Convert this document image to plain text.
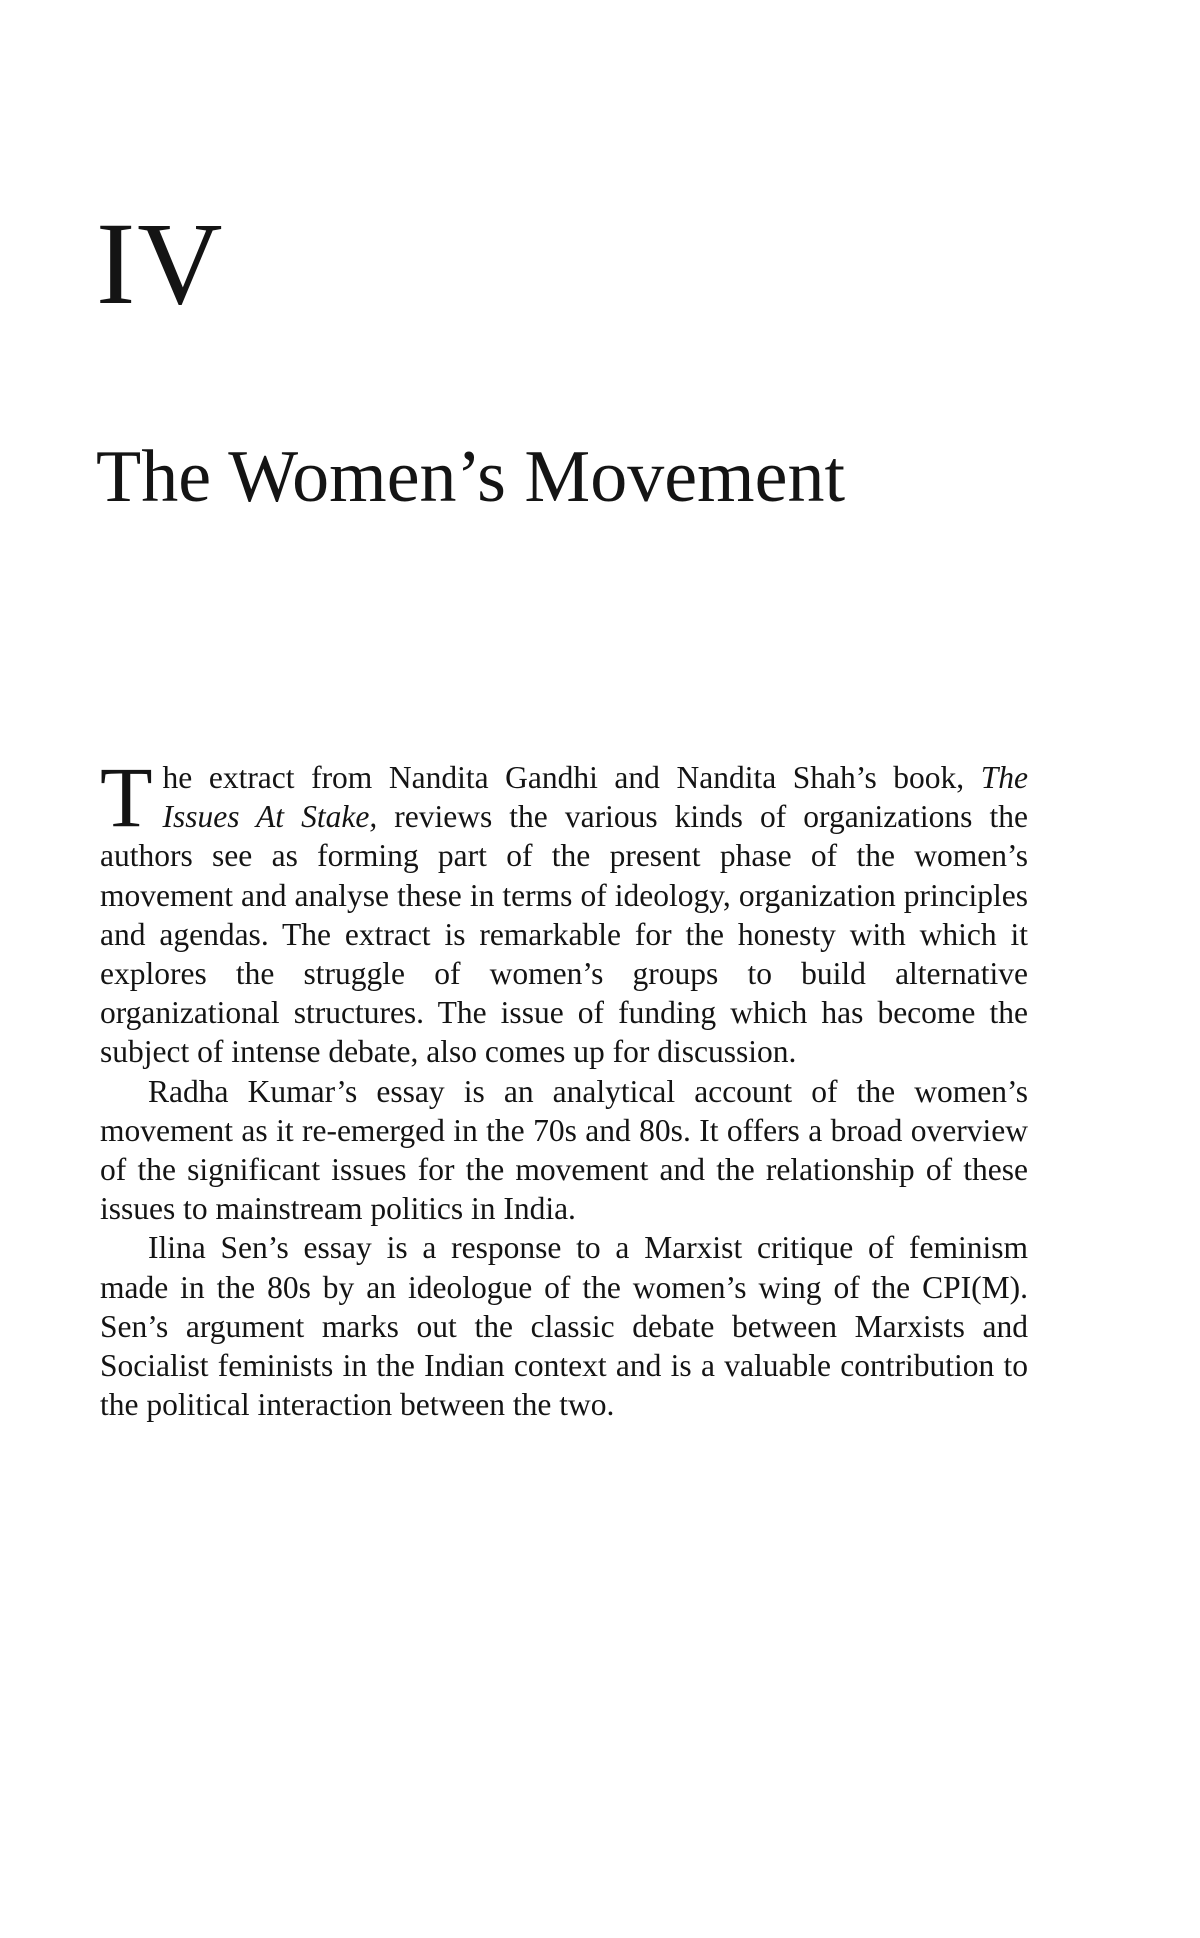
IV
The Women’s Movement

The extract from Nandita Gandhi and Nandita Shah’s book, The Issues At Stake, reviews the various kinds of organizations the authors see as forming part of the present phase of the women’s movement and analyse these in terms of ideology, organization principles and agendas. The extract is remarkable for the honesty with which it explores the struggle of women’s groups to build alternative organizational structures. The issue of funding which has become the subject of intense debate, also comes up for discussion.

Radha Kumar’s essay is an analytical account of the women’s movement as it re-emerged in the 70s and 80s. It offers a broad overview of the significant issues for the movement and the relationship of these issues to mainstream politics in India.

Ilina Sen’s essay is a response to a Marxist critique of feminism made in the 80s by an ideologue of the women’s wing of the CPI(M). Sen’s argument marks out the classic debate between Marxists and Socialist feminists in the Indian context and is a valuable contribution to the political interaction between the two.
